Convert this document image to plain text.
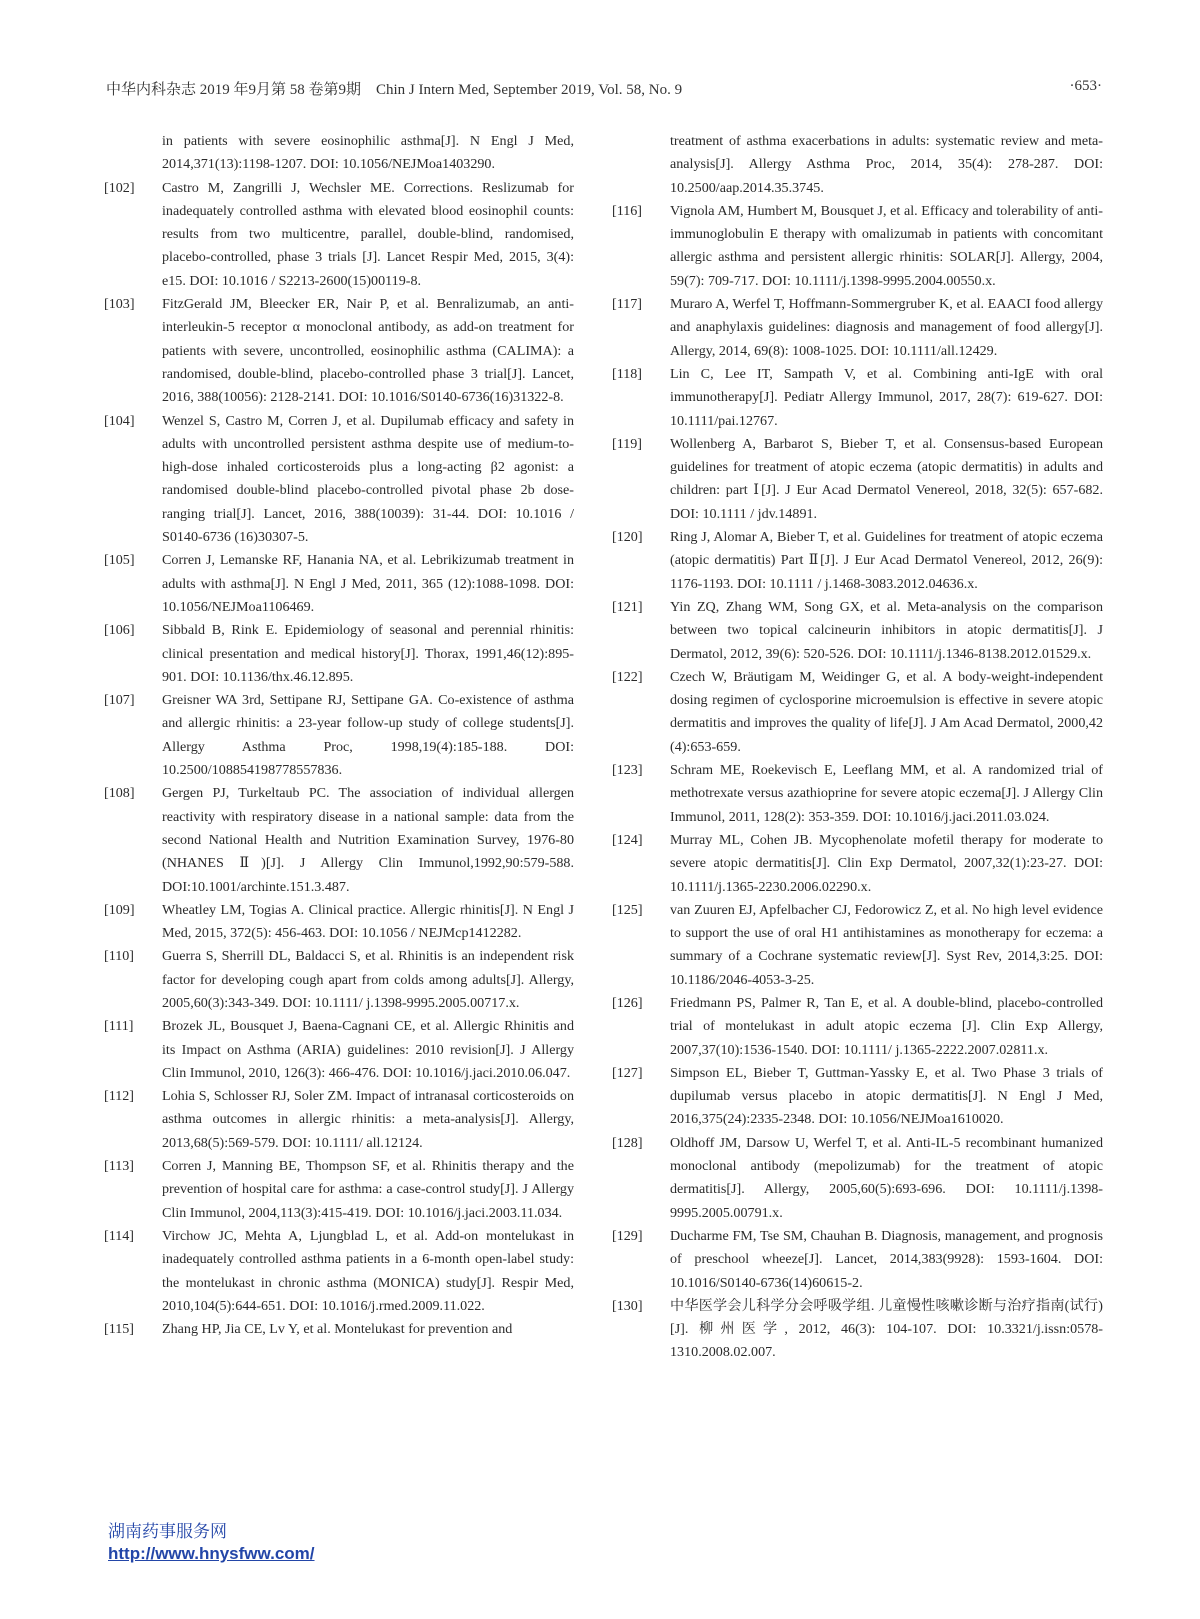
中华内科杂志 2019 年9月第 58 卷第9期　Chin J Intern Med, September 2019, Vol. 58, No. 9	·653·
in patients with severe eosinophilic asthma[J]. N Engl J Med, 2014,371(13):1198-1207. DOI: 10.1056/NEJMoa1403290.
[102] Castro M, Zangrilli J, Wechsler ME. Corrections. Reslizumab for inadequately controlled asthma with elevated blood eosinophil counts: results from two multicentre, parallel, double-blind, randomised, placebo-controlled, phase 3 trials [J]. Lancet Respir Med, 2015, 3(4): e15. DOI: 10.1016 / S2213-2600(15)00119-8.
[103] FitzGerald JM, Bleecker ER, Nair P, et al. Benralizumab, an anti-interleukin-5 receptor α monoclonal antibody, as add-on treatment for patients with severe, uncontrolled, eosinophilic asthma (CALIMA): a randomised, double-blind, placebo-controlled phase 3 trial[J]. Lancet, 2016, 388(10056): 2128-2141. DOI: 10.1016/S0140-6736(16)31322-8.
[104] Wenzel S, Castro M, Corren J, et al. Dupilumab efficacy and safety in adults with uncontrolled persistent asthma despite use of medium-to-high-dose inhaled corticosteroids plus a long-acting β2 agonist: a randomised double-blind placebo-controlled pivotal phase 2b dose-ranging trial[J]. Lancet, 2016, 388(10039): 31-44. DOI: 10.1016 / S0140-6736 (16)30307-5.
[105] Corren J, Lemanske RF, Hanania NA, et al. Lebrikizumab treatment in adults with asthma[J]. N Engl J Med, 2011, 365 (12):1088-1098. DOI: 10.1056/NEJMoa1106469.
[106] Sibbald B, Rink E. Epidemiology of seasonal and perennial rhinitis: clinical presentation and medical history[J]. Thorax, 1991,46(12):895-901. DOI: 10.1136/thx.46.12.895.
[107] Greisner WA 3rd, Settipane RJ, Settipane GA. Co-existence of asthma and allergic rhinitis: a 23-year follow-up study of college students[J]. Allergy Asthma Proc, 1998,19(4):185-188. DOI: 10.2500/108854198778557836.
[108] Gergen PJ, Turkeltaub PC. The association of individual allergen reactivity with respiratory disease in a national sample: data from the second National Health and Nutrition Examination Survey, 1976-80 (NHANES Ⅱ)[J]. J Allergy Clin Immunol,1992,90:579-588. DOI:10.1001/archinte.151.3.487.
[109] Wheatley LM, Togias A. Clinical practice. Allergic rhinitis[J]. N Engl J Med, 2015, 372(5): 456-463. DOI: 10.1056 / NEJMcp1412282.
[110] Guerra S, Sherrill DL, Baldacci S, et al. Rhinitis is an independent risk factor for developing cough apart from colds among adults[J]. Allergy, 2005,60(3):343-349. DOI: 10.1111/ j.1398-9995.2005.00717.x.
[111] Brozek JL, Bousquet J, Baena-Cagnani CE, et al. Allergic Rhinitis and its Impact on Asthma (ARIA) guidelines: 2010 revision[J]. J Allergy Clin Immunol, 2010, 126(3): 466-476. DOI: 10.1016/j.jaci.2010.06.047.
[112] Lohia S, Schlosser RJ, Soler ZM. Impact of intranasal corticosteroids on asthma outcomes in allergic rhinitis: a meta-analysis[J]. Allergy, 2013,68(5):569-579. DOI: 10.1111/ all.12124.
[113] Corren J, Manning BE, Thompson SF, et al. Rhinitis therapy and the prevention of hospital care for asthma: a case-control study[J]. J Allergy Clin Immunol, 2004,113(3):415-419. DOI: 10.1016/j.jaci.2003.11.034.
[114] Virchow JC, Mehta A, Ljungblad L, et al. Add-on montelukast in inadequately controlled asthma patients in a 6-month open-label study: the montelukast in chronic asthma (MONICA) study[J]. Respir Med, 2010,104(5):644-651. DOI: 10.1016/j.rmed.2009.11.022.
[115] Zhang HP, Jia CE, Lv Y, et al. Montelukast for prevention and
treatment of asthma exacerbations in adults: systematic review and meta-analysis[J]. Allergy Asthma Proc, 2014, 35(4): 278-287. DOI: 10.2500/aap.2014.35.3745.
[116] Vignola AM, Humbert M, Bousquet J, et al. Efficacy and tolerability of anti-immunoglobulin E therapy with omalizumab in patients with concomitant allergic asthma and persistent allergic rhinitis: SOLAR[J]. Allergy, 2004, 59(7): 709-717. DOI: 10.1111/j.1398-9995.2004.00550.x.
[117] Muraro A, Werfel T, Hoffmann-Sommergruber K, et al. EAACI food allergy and anaphylaxis guidelines: diagnosis and management of food allergy[J]. Allergy, 2014, 69(8): 1008-1025. DOI: 10.1111/all.12429.
[118] Lin C, Lee IT, Sampath V, et al. Combining anti-IgE with oral immunotherapy[J]. Pediatr Allergy Immunol, 2017, 28(7): 619-627. DOI: 10.1111/pai.12767.
[119] Wollenberg A, Barbarot S, Bieber T, et al. Consensus-based European guidelines for treatment of atopic eczema (atopic dermatitis) in adults and children: part Ⅰ[J]. J Eur Acad Dermatol Venereol, 2018, 32(5): 657-682. DOI: 10.1111 / jdv.14891.
[120] Ring J, Alomar A, Bieber T, et al. Guidelines for treatment of atopic eczema (atopic dermatitis) Part Ⅱ[J]. J Eur Acad Dermatol Venereol, 2012, 26(9): 1176-1193. DOI: 10.1111 / j.1468-3083.2012.04636.x.
[121] Yin ZQ, Zhang WM, Song GX, et al. Meta-analysis on the comparison between two topical calcineurin inhibitors in atopic dermatitis[J]. J Dermatol, 2012, 39(6): 520-526. DOI: 10.1111/j.1346-8138.2012.01529.x.
[122] Czech W, Bräutigam M, Weidinger G, et al. A body-weight-independent dosing regimen of cyclosporine microemulsion is effective in severe atopic dermatitis and improves the quality of life[J]. J Am Acad Dermatol, 2000,42 (4):653-659.
[123] Schram ME, Roekevisch E, Leeflang MM, et al. A randomized trial of methotrexate versus azathioprine for severe atopic eczema[J]. J Allergy Clin Immunol, 2011, 128(2): 353-359. DOI: 10.1016/j.jaci.2011.03.024.
[124] Murray ML, Cohen JB. Mycophenolate mofetil therapy for moderate to severe atopic dermatitis[J]. Clin Exp Dermatol, 2007,32(1):23-27. DOI: 10.1111/j.1365-2230.2006.02290.x.
[125] van Zuuren EJ, Apfelbacher CJ, Fedorowicz Z, et al. No high level evidence to support the use of oral H1 antihistamines as monotherapy for eczema: a summary of a Cochrane systematic review[J]. Syst Rev, 2014,3:25. DOI: 10.1186/2046-4053-3-25.
[126] Friedmann PS, Palmer R, Tan E, et al. A double-blind, placebo-controlled trial of montelukast in adult atopic eczema [J]. Clin Exp Allergy, 2007,37(10):1536-1540. DOI: 10.1111/ j.1365-2222.2007.02811.x.
[127] Simpson EL, Bieber T, Guttman-Yassky E, et al. Two Phase 3 trials of dupilumab versus placebo in atopic dermatitis[J]. N Engl J Med, 2016,375(24):2335-2348. DOI: 10.1056/NEJMoa1610020.
[128] Oldhoff JM, Darsow U, Werfel T, et al. Anti-IL-5 recombinant humanized monoclonal antibody (mepolizumab) for the treatment of atopic dermatitis[J]. Allergy, 2005,60(5):693-696. DOI: 10.1111/j.1398-9995.2005.00791.x.
[129] Ducharme FM, Tse SM, Chauhan B. Diagnosis, management, and prognosis of preschool wheeze[J]. Lancet, 2014,383(9928): 1593-1604. DOI: 10.1016/S0140-6736(14)60615-2.
[130] 中华医学会儿科学分会呼吸学组. 儿童慢性咳嗽诊断与治疗指南(试行)[J]. 柳州医学, 2012, 46(3): 104-107. DOI: 10.3321/j.issn:0578-1310.2008.02.007.
湖南药事服务网
http://www.hnysfww.com/
